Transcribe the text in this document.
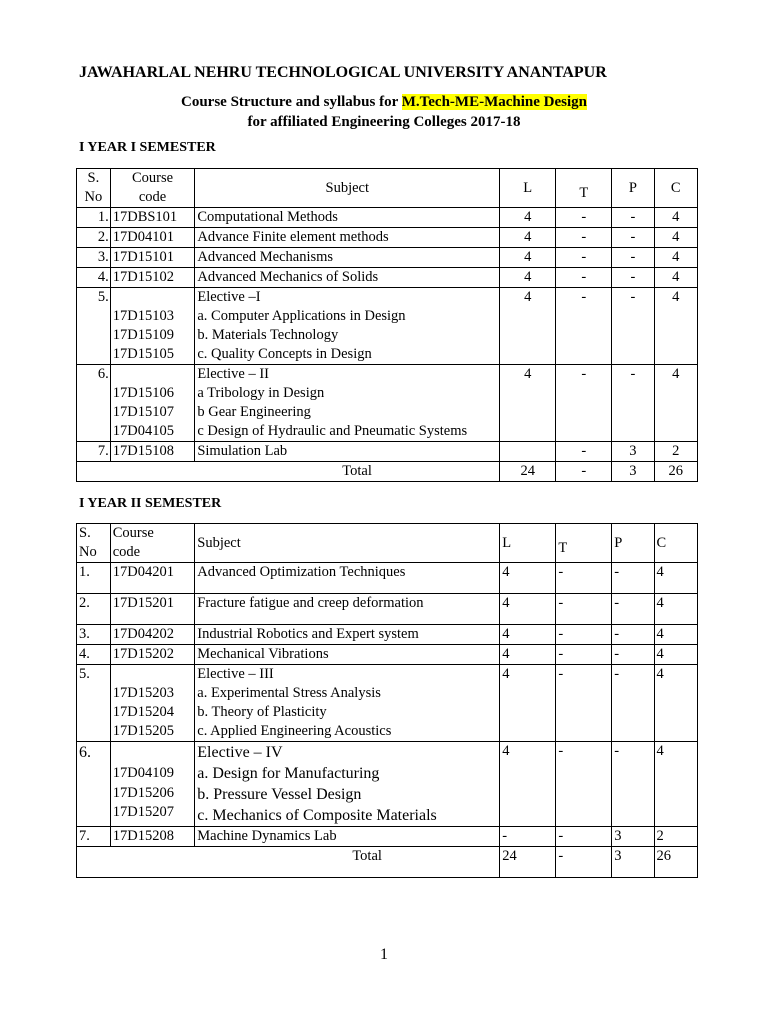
JAWAHARLAL NEHRU TECHNOLOGICAL UNIVERSITY ANANTAPUR
Course Structure and syllabus for M.Tech-ME-Machine Design
for affiliated Engineering Colleges 2017-18
I YEAR I SEMESTER
S.
No	Course
code	Subject	L	T	P	C
1.	17DBS101	Computational Methods	4	-	-	4
2.	17D04101	Advance Finite element methods	4	-	-	4
3.	17D15101	Advanced Mechanisms	4	-	-	4
4.	17D15102	Advanced Mechanics of Solids	4	-	-	4
5.	17D15103
17D15109
17D15105	Elective –I
a. Computer Applications in Design
b. Materials Technology
c. Quality Concepts in Design	4	-	-	4
6.	17D15106
17D15107
17D04105	Elective – II
a Tribology in Design
b Gear Engineering
c Design of Hydraulic and Pneumatic Systems	4	-	-	4
7.	17D15108	Simulation Lab		-	3	2
Total			24	-	3	26
I YEAR II SEMESTER
S.
No	Course
code	Subject	L	T	P	C
1.	17D04201	Advanced Optimization Techniques	4	-	-	4
2.	17D15201	Fracture fatigue and creep deformation	4	-	-	4
3.	17D04202	Industrial Robotics and Expert system	4	-	-	4
4.	17D15202	Mechanical Vibrations	4	-	-	4
5.	17D15203
17D15204
17D15205	Elective – III
a. Experimental Stress Analysis
b. Theory of Plasticity
c. Applied Engineering Acoustics	4	-	-	4
6.	17D04109
17D15206
17D15207	Elective – IV
a. Design for Manufacturing
b. Pressure Vessel Design
c. Mechanics of Composite Materials	4	-	-	4
7.	17D15208	Machine Dynamics Lab	-	-	3	2
Total			24	-	3	26
1
